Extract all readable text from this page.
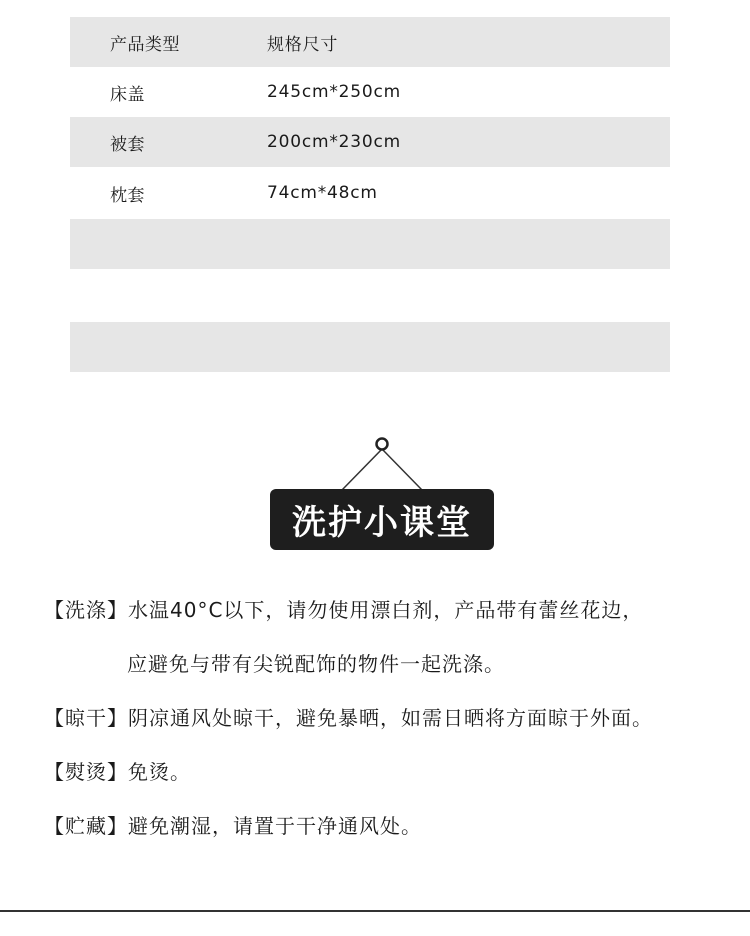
产品类型	规格尺寸
床盖	245cm*250cm
被套	200cm*230cm
枕套	74cm*48cm
洗护小课堂
【洗涤】水温40°C以下，请勿使用漂白剂，产品带有蕾丝花边，
应避免与带有尖锐配饰的物件一起洗涤。
【晾干】阴凉通风处晾干，避免暴晒，如需日晒将方面晾于外面。
【熨烫】免烫。
【贮藏】避免潮湿，请置于干净通风处。
